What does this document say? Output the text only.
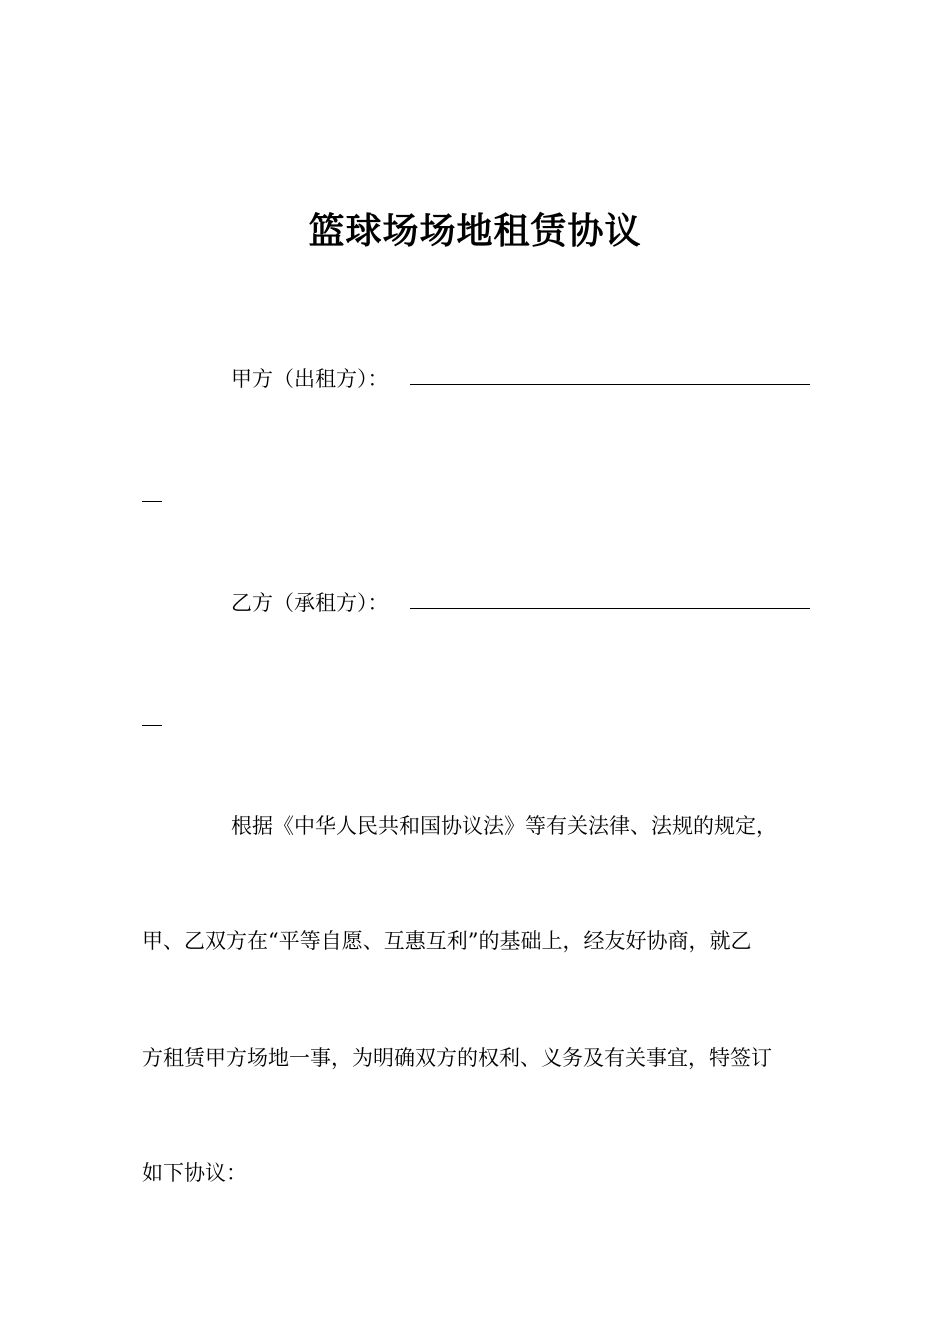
篮球场场地租赁协议
甲方（出租方）：
乙方（承租方）：
根据《中华人民共和国协议法》等有关法律、法规的规定，
甲、乙双方在“平等自愿、互惠互利”的基础上，经友好协商，就乙
方租赁甲方场地一事，为明确双方的权利、义务及有关事宜，特签订
如下协议：
